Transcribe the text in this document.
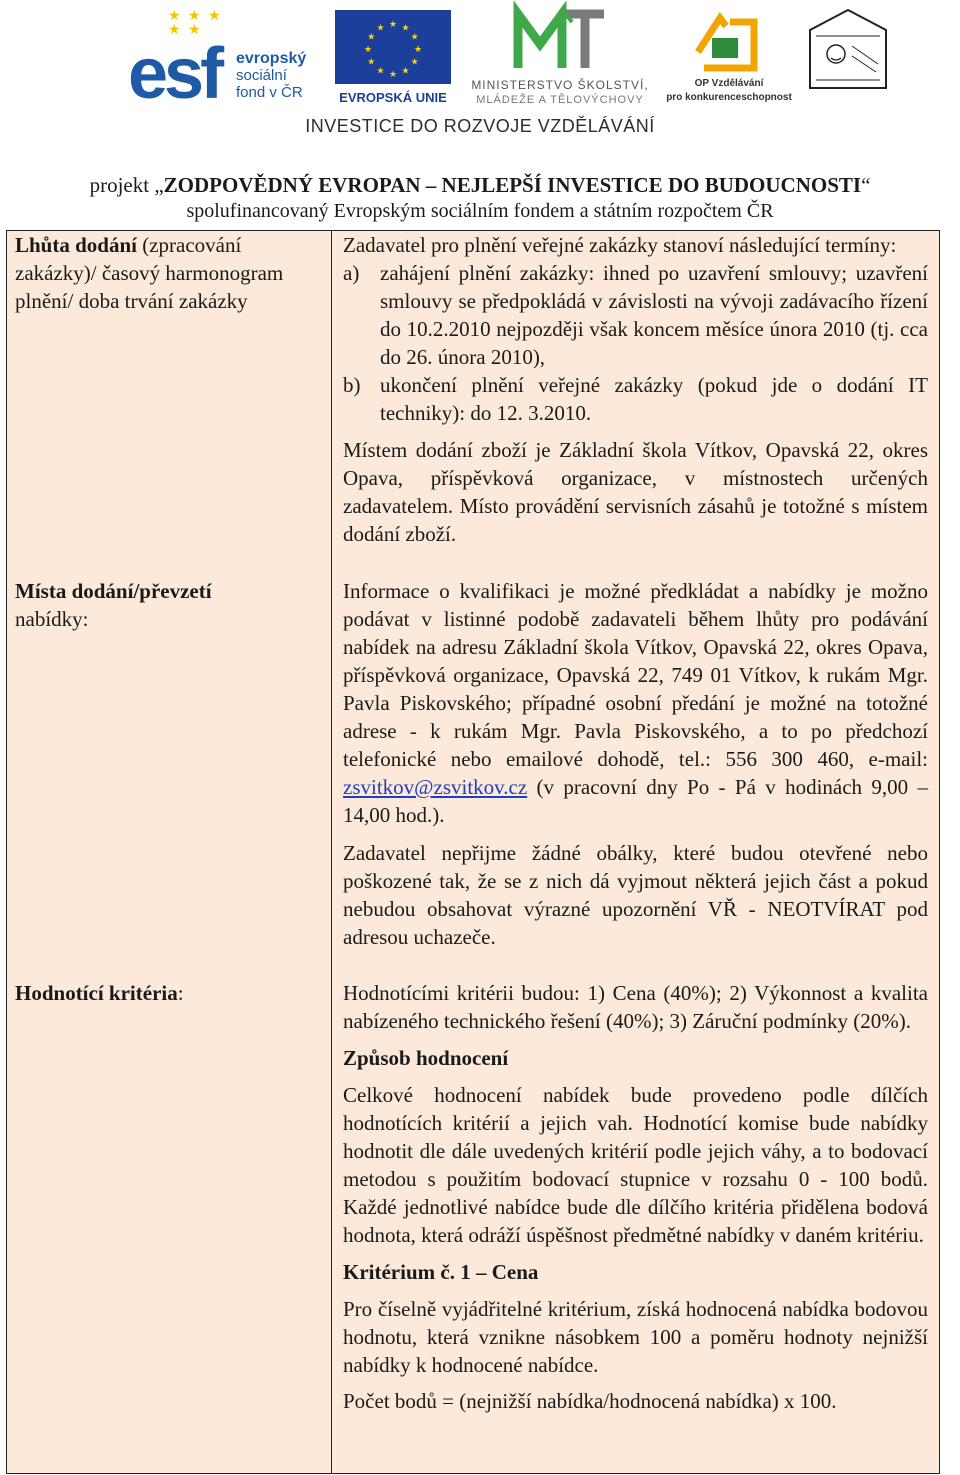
★ ★ ★
★ ★
esf evropský
sociální
fond v ČR
★ ★
★
★
★
★
★
★
★
★
★
★
EVROPSKÁ UNIE
MINISTERSTVO ŠKOLSTVÍ,
MLÁDEŽE A TĚLOVÝCHOVY
OP Vzdělávání
pro konkurenceschopnost
INVESTICE DO ROZVOJE VZDĚLÁVÁNÍ
projekt „ZODPOVĚDNÝ EVROPAN – NEJLEPŠÍ INVESTICE DO BUDOUCNOSTI“
spolufinancovaný Evropským sociálním fondem a státním rozpočtem ČR
Lhůta dodání (zpracování zakázky)/ časový harmonogram plnění/ doba trvání zakázky
Zadavatel pro plnění veřejné zakázky stanoví následující termíny:
a) zahájení plnění zakázky: ihned po uzavření smlouvy; uzavření smlouvy se předpokládá v závislosti na vývoji zadávacího řízení do 10.2.2010 nejpozději však koncem měsíce února 2010 (tj. cca do 26. února 2010),
b) ukončení plnění veřejné zakázky (pokud jde o dodání IT techniky): do 12. 3.2010.
Místem dodání zboží je Základní škola Vítkov, Opavská 22, okres Opava, příspěvková organizace, v místnostech určených zadavatelem. Místo provádění servisních zásahů je totožné s místem dodání zboží.
Místa dodání/převzetí
nabídky:
Informace o kvalifikaci je možné předkládat a nabídky je možno podávat v listinné podobě zadavateli během lhůty pro podávání nabídek na adresu Základní škola Vítkov, Opavská 22, okres Opava, příspěvková organizace, Opavská 22, 749 01 Vítkov, k rukám Mgr. Pavla Piskovského; případné osobní předání je možné na totožné adrese - k rukám Mgr. Pavla Piskovského, a to po předchozí telefonické nebo emailové dohodě, tel.: 556 300 460, e-mail: zsvitkov@zsvitkov.cz (v pracovní dny Po - Pá v hodinách 9,00 – 14,00 hod.).
Zadavatel nepřijme žádné obálky, které budou otevřené nebo poškozené tak, že se z nich dá vyjmout některá jejich část a pokud nebudou obsahovat výrazné upozornění VŘ - NEOTVÍRAT pod adresou uchazeče.
Hodnotící kritéria:	Hodnotícími kritérii budou: 1) Cena (40%); 2) Výkonnost a kvalita nabízeného technického řešení (40%); 3) Záruční podmínky (20%).
Způsob hodnocení
Celkové hodnocení nabídek bude provedeno podle dílčích hodnotících kritérií a jejich vah. Hodnotící komise bude nabídky hodnotit dle dále uvedených kritérií podle jejich váhy, a to bodovací metodou s použitím bodovací stupnice v rozsahu 0 - 100 bodů. Každé jednotlivé nabídce bude dle dílčího kritéria přidělena bodová hodnota, která odráží úspěšnost předmětné nabídky v daném kritériu.
Kritérium č. 1 – Cena
Pro číselně vyjádřitelné kritérium, získá hodnocená nabídka bodovou hodnotu, která vznikne násobkem 100 a poměru hodnoty nejnižší nabídky k hodnocené nabídce.
Počet bodů = (nejnižší nabídka/hodnocená nabídka) x 100.
